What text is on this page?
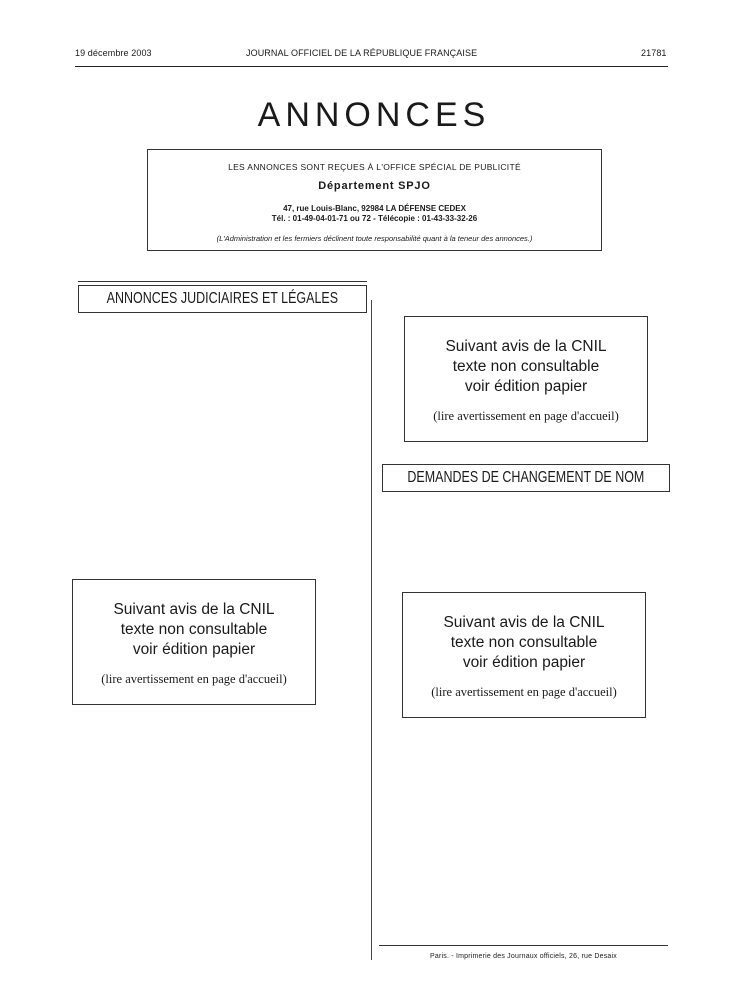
19 décembre 2003	JOURNAL OFFICIEL DE LA RÉPUBLIQUE FRANÇAISE	21781
ANNONCES
LES ANNONCES SONT REÇUES À L'OFFICE SPÉCIAL DE PUBLICITÉ
Département SPJO
47, rue Louis-Blanc, 92984 LA DÉFENSE CEDEX
Tél. : 01-49-04-01-71 ou 72 - Télécopie : 01-43-33-32-26
(L'Administration et les fermiers déclinent toute responsabilité quant à la teneur des annonces.)
ANNONCES JUDICIAIRES ET LÉGALES
Suivant avis de la CNIL
texte non consultable
voir édition papier
(lire avertissement en page d'accueil)
Suivant avis de la CNIL
texte non consultable
voir édition papier
(lire avertissement en page d'accueil)
DEMANDES DE CHANGEMENT DE NOM
Suivant avis de la CNIL
texte non consultable
voir édition papier
(lire avertissement en page d'accueil)
Paris. - Imprimerie des Journaux officiels, 26, rue Desaix
